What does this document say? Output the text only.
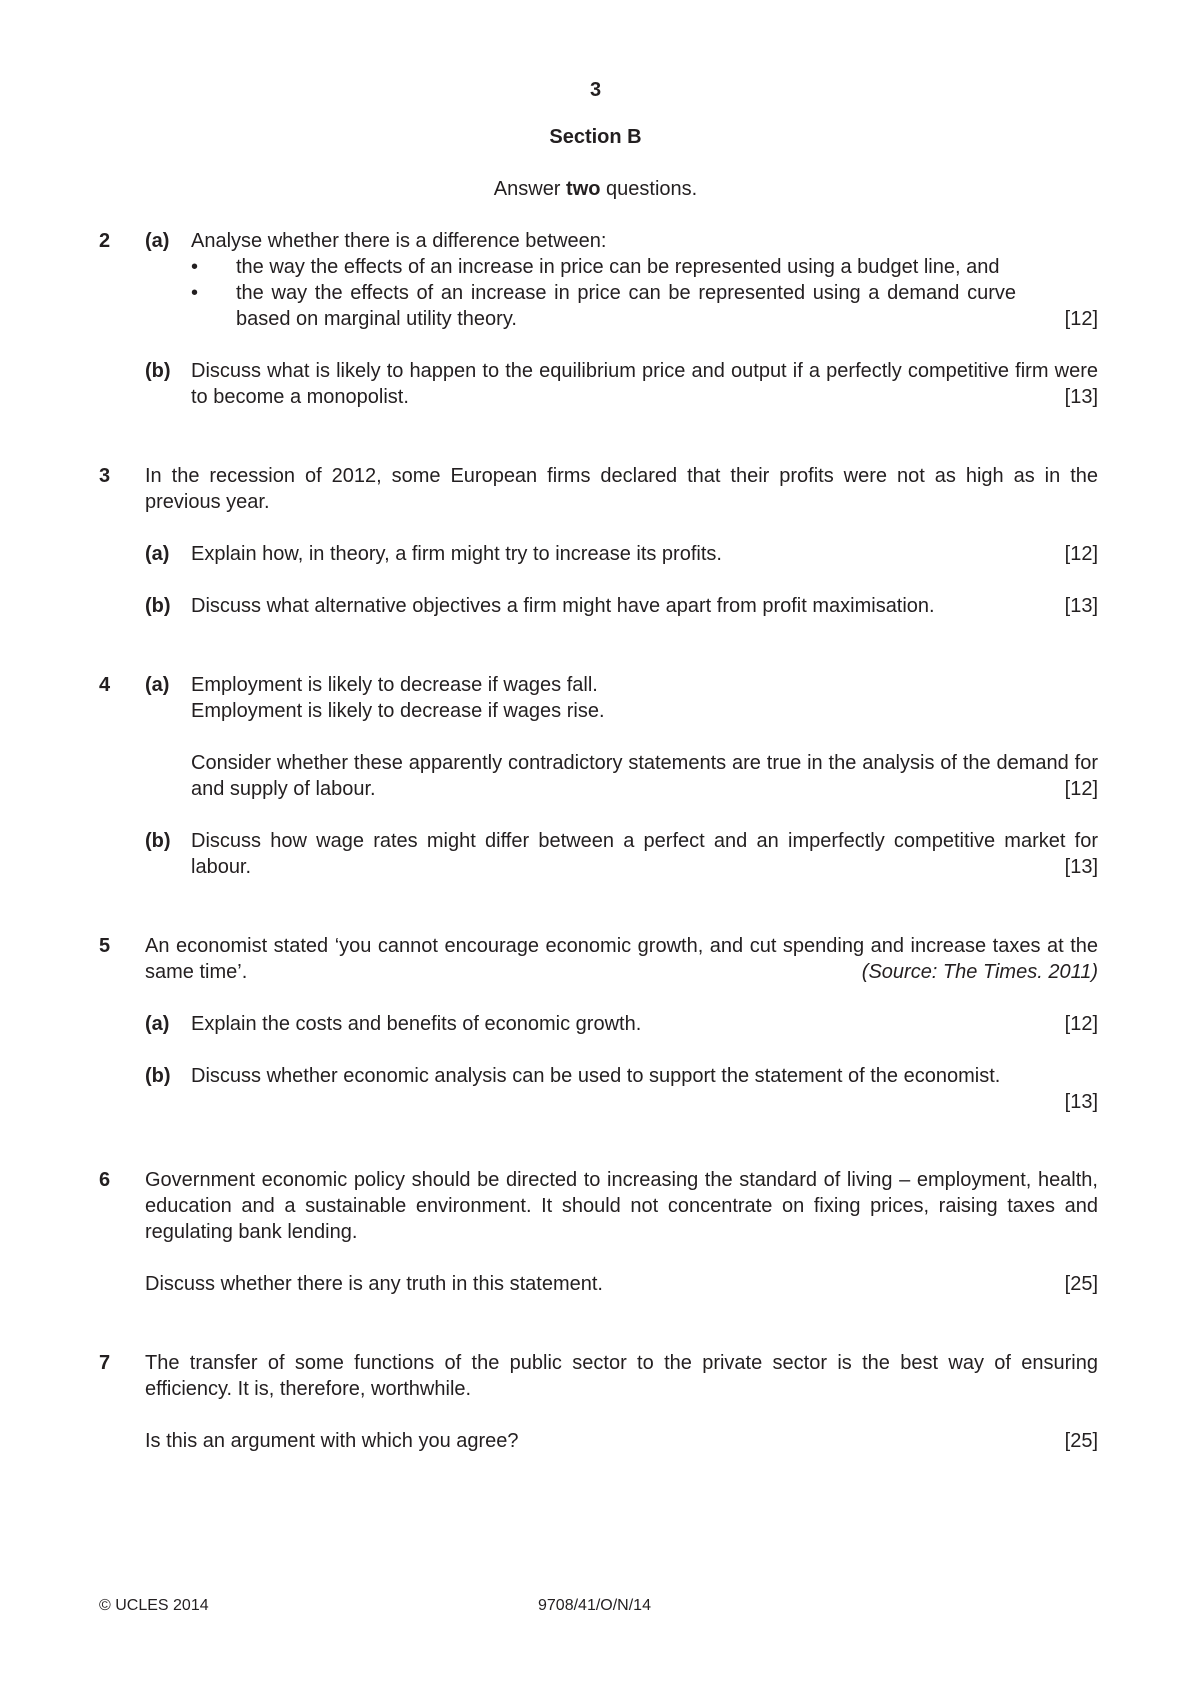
3
Section B
Answer two questions.
2 (a) Analyse whether there is a difference between:
• the way the effects of an increase in price can be represented using a budget line, and
• the way the effects of an increase in price can be represented using a demand curve based on marginal utility theory.	[12]
(b) Discuss what is likely to happen to the equilibrium price and output if a perfectly competitive firm were to become a monopolist.	[13]
3 In the recession of 2012, some European firms declared that their profits were not as high as in the previous year.
(a) Explain how, in theory, a firm might try to increase its profits.	[12]
(b) Discuss what alternative objectives a firm might have apart from profit maximisation.	[13]
4 (a) Employment is likely to decrease if wages fall.
Employment is likely to decrease if wages rise.
Consider whether these apparently contradictory statements are true in the analysis of the demand for and supply of labour.	[12]
(b) Discuss how wage rates might differ between a perfect and an imperfectly competitive market for labour.	[13]
5 An economist stated ‘you cannot encourage economic growth, and cut spending and increase taxes at the same time’.	(Source: The Times. 2011)
(a) Explain the costs and benefits of economic growth.	[12]
(b) Discuss whether economic analysis can be used to support the statement of the economist.
[13]
6 Government economic policy should be directed to increasing the standard of living – employment, health, education and a sustainable environment. It should not concentrate on fixing prices, raising taxes and regulating bank lending.
Discuss whether there is any truth in this statement.	[25]
7 The transfer of some functions of the public sector to the private sector is the best way of ensuring efficiency. It is, therefore, worthwhile.
Is this an argument with which you agree?	[25]
© UCLES 2014	9708/41/O/N/14
